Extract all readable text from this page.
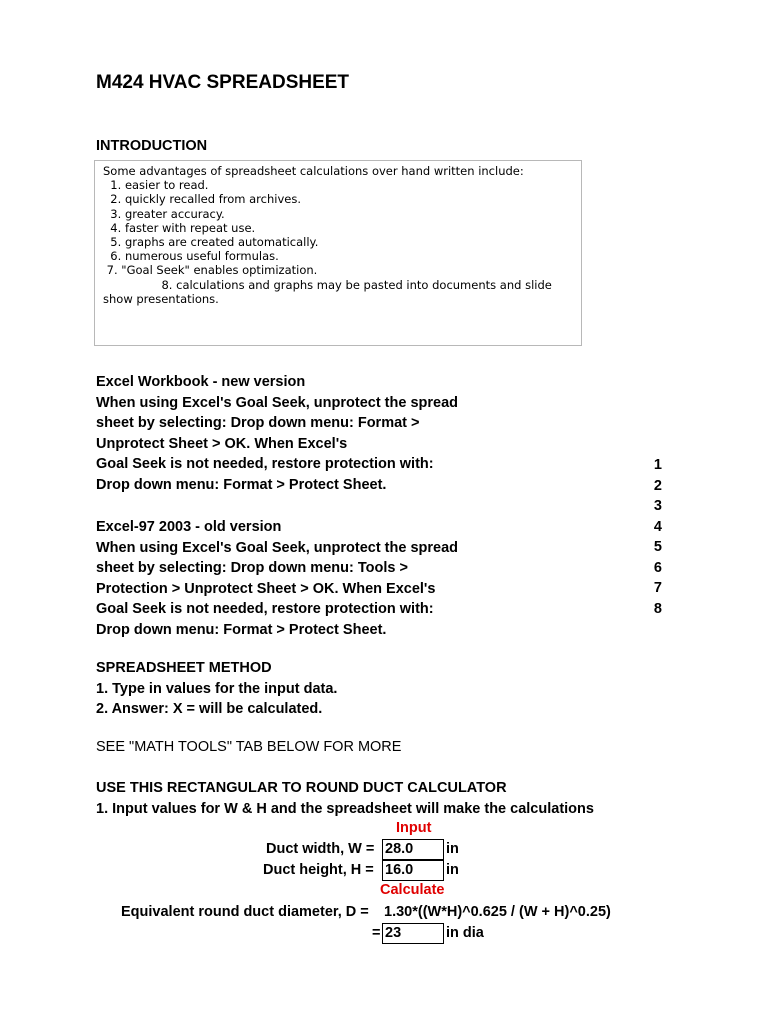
M424 HVAC SPREADSHEET
INTRODUCTION
Some advantages of spreadsheet calculations over hand written include:
1. easier to read.
2. quickly recalled from archives.
3. greater accuracy.
4. faster with repeat use.
5. graphs are created automatically.
6. numerous useful formulas.
7. "Goal Seek" enables optimization.
8. calculations and graphs may be pasted into documents and slide
show presentations.
Excel Workbook - new version
When using Excel's Goal Seek, unprotect the spread
sheet by selecting: Drop down menu: Format >
Unprotect Sheet > OK. When Excel's
Goal Seek is not needed, restore protection with:
Drop down menu: Format > Protect Sheet.
Excel-97 2003 - old version
When using Excel's Goal Seek, unprotect the spread
sheet by selecting: Drop down menu: Tools >
Protection > Unprotect Sheet > OK. When Excel's
Goal Seek is not needed, restore protection with:
Drop down menu: Format > Protect Sheet.
1
2
3
4
5
6
7
8
SPREADSHEET METHOD
1. Type in values for the input data.
2. Answer: X = will be calculated.
SEE "MATH TOOLS" TAB BELOW FOR MORE
USE THIS RECTANGULAR TO ROUND DUCT CALCULATOR
1. Input values for W & H and the spreadsheet will make the calculations
Input
Duct width, W = 28.0	in
Duct height, H = 16.0	in
Calculate
Equivalent round duct diameter, D = 1.30*((W*H)^0.625 / (W + H)^0.25)
= 23	in dia
